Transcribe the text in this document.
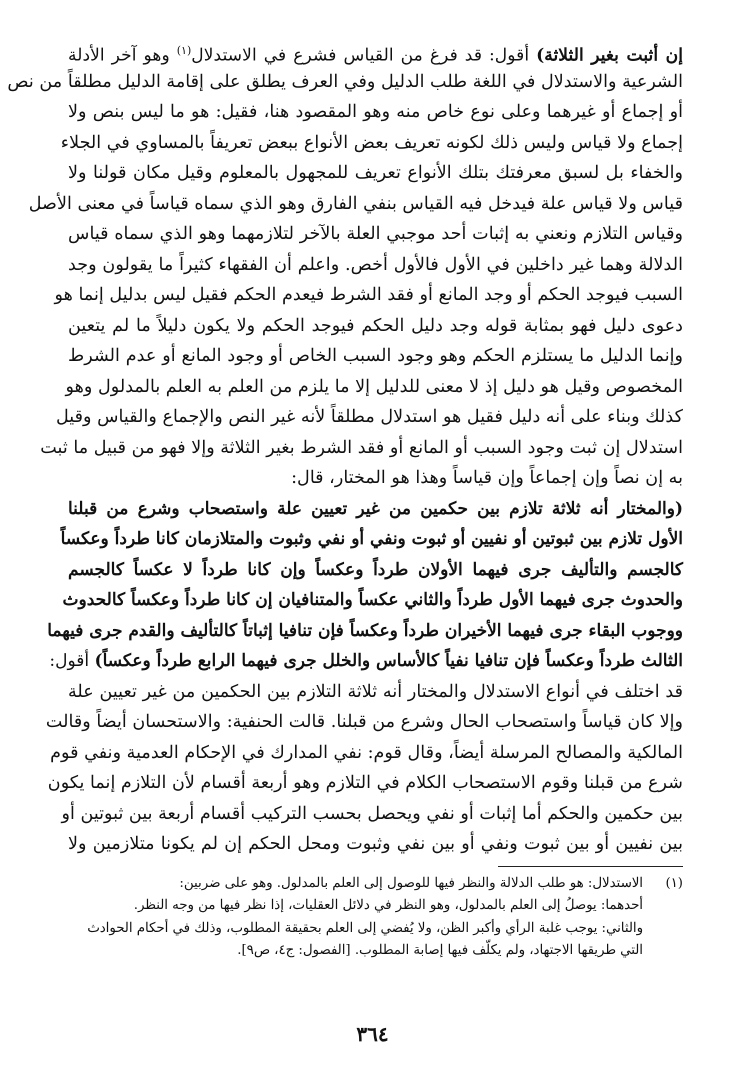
إن أثبت بغير الثلاثة) أقول: قد فرغ من القياس فشرع في الاستدلال$^{(١)}$ وهو آخر الأدلة
الشرعية والاستدلال في اللغة طلب الدليل وفي العرف يطلق على إقامة الدليل مطلقاً من نص
أو إجماع أو غيرهما وعلى نوع خاص منه وهو المقصود هنا، فقيل: هو ما ليس بنص ولا
إجماع ولا قياس وليس ذلك لكونه تعريف بعض الأنواع ببعض تعريفاً بالمساوي في الجلاء
والخفاء بل لسبق معرفتك بتلك الأنواع تعريف للمجهول بالمعلوم وقيل مكان قولنا ولا
قياس ولا قياس علة فيدخل فيه القياس بنفي الفارق وهو الذي سماه قياساً في معنى الأصل
وقياس التلازم ونعني به إثبات أحد موجبي العلة بالآخر لتلازمهما وهو الذي سماه قياس
الدلالة وهما غير داخلين في الأول فالأول أخص. واعلم أن الفقهاء كثيراً ما يقولون وجد
السبب فيوجد الحكم أو وجد المانع أو فقد الشرط فيعدم الحكم فقيل ليس بدليل إنما هو
دعوى دليل فهو بمثابة قوله وجد دليل الحكم فيوجد الحكم ولا يكون دليلاً ما لم يتعين
وإنما الدليل ما يستلزم الحكم وهو وجود السبب الخاص أو وجود المانع أو عدم الشرط
المخصوص وقيل هو دليل إذ لا معنى للدليل إلا ما يلزم من العلم به العلم بالمدلول وهو
كذلك وبناء على أنه دليل فقيل هو استدلال مطلقاً لأنه غير النص والإجماع والقياس وقيل
استدلال إن ثبت وجود السبب أو المانع أو فقد الشرط بغير الثلاثة وإلا فهو من قبيل ما ثبت
به إن نصاً وإن إجماعاً وإن قياساً وهذا هو المختار، قال:
(والمختار أنه ثلاثة تلازم بين حكمين من غير تعيين علة واستصحاب وشرع من قبلنا
الأول تلازم بين ثبوتين أو نفيين أو ثبوت ونفي أو نفي وثبوت والمتلازمان كانا طرداً وعكساً
كالجسم والتأليف جرى فيهما الأولان طرداً وعكساً وإن كانا طرداً لا عكساً كالجسم
والحدوث جرى فيهما الأول طرداً والثاني عكساً والمتنافيان إن كانا طرداً وعكساً كالحدوث
ووجوب البقاء جرى فيهما الأخيران طرداً وعكساً فإن تنافيا إثباتاً كالتأليف والقدم جرى فيهما
الثالث طرداً وعكساً فإن تنافيا نفياً كالأساس والخلل جرى فيهما الرابع طرداً وعكساً) أقول:
قد اختلف في أنواع الاستدلال والمختار أنه ثلاثة التلازم بين الحكمين من غير تعيين علة
وإلا كان قياساً واستصحاب الحال وشرع من قبلنا. قالت الحنفية: والاستحسان أيضاً وقالت
المالكية والمصالح المرسلة أيضاً، وقال قوم: نفي المدارك في الإحكام العدمية ونفي قوم
شرع من قبلنا وقوم الاستصحاب الكلام في التلازم وهو أربعة أقسام لأن التلازم إنما يكون
بين حكمين والحكم أما إثبات أو نفي ويحصل بحسب التركيب أقسام أربعة بين ثبوتين أو
بين نفيين أو بين ثبوت ونفي أو بين نفي وثبوت ومحل الحكم إن لم يكونا متلازمين ولا
(١)الاستدلال: هو طلب الدلالة والنظر فيها للوصول إلى العلم بالمدلول. وهو على ضربين:
أحدهما: يوصلُ إلى العلم بالمدلول، وهو النظر في دلائل العقليات، إذا نظر فيها من وجه النظر.
والثاني: يوجب غلبة الرأي وأكبر الظن، ولا يُفضي إلى العلم بحقيقة المطلوب، وذلك في أحكام الحوادث
التي طريقها الاجتهاد، ولم يكلّف فيها إصابة المطلوب. [الفصول: ج٤، ص٩].
٣٦٤
